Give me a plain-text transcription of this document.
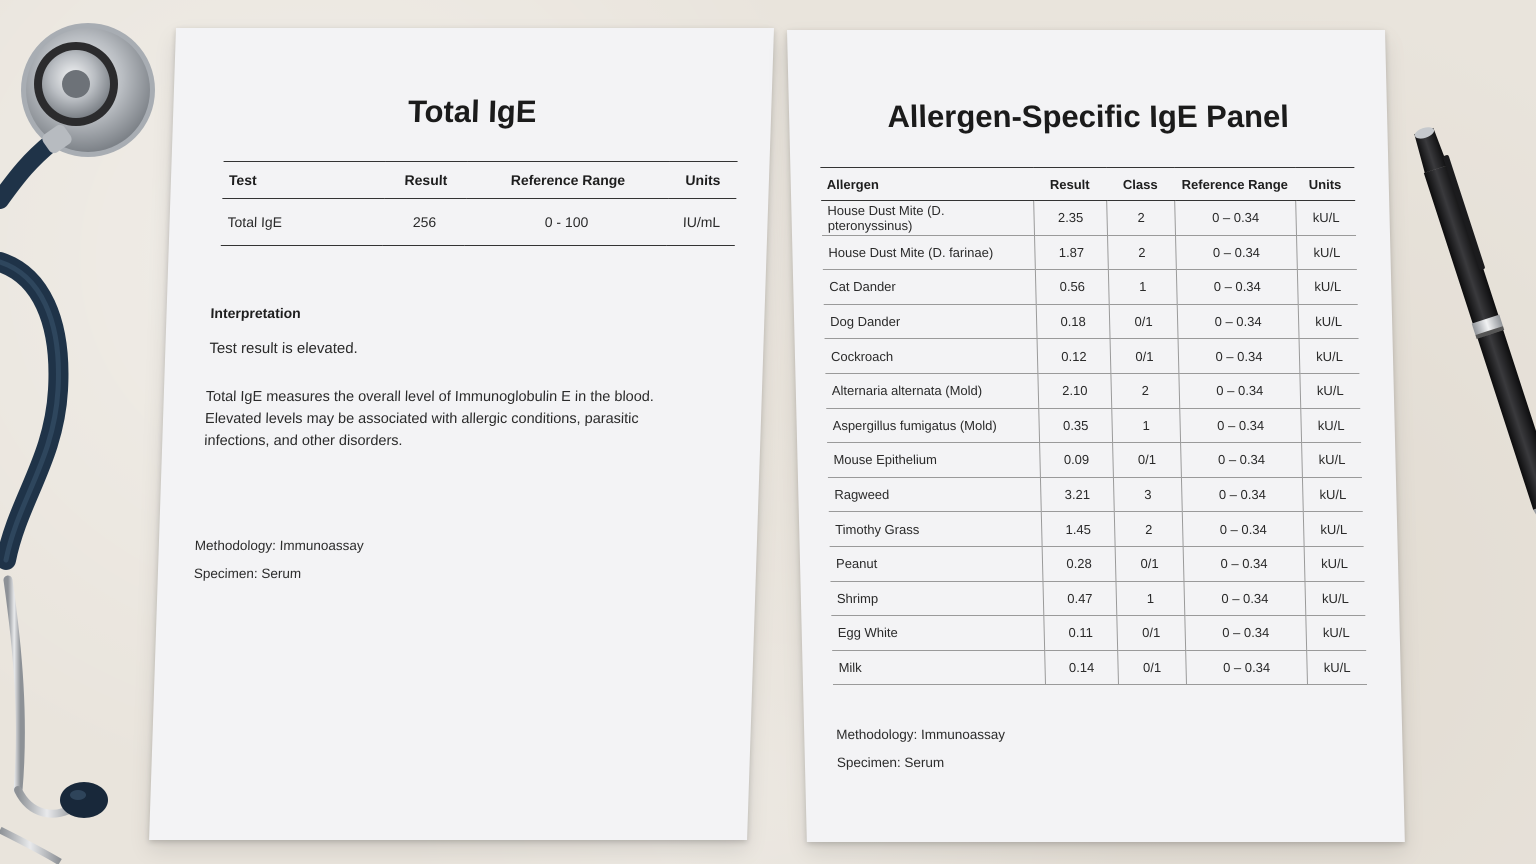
Total IgE
Test	Result	Reference Range	Units
Total IgE	256	0 - 100	IU/mL
Interpretation
Test result is elevated.
Total IgE measures the overall level of Immunoglobulin E in the blood. Elevated levels may be associated with allergic conditions, parasitic infections, and other disorders.
Methodology: Immunoassay
Specimen: Serum
Allergen-Specific IgE Panel
Allergen	Result	Class	Reference Range	Units
House Dust Mite (D. pteronyssinus)	2.35	2	0 – 0.34	kU/L
House Dust Mite (D. farinae)	1.87	2	0 – 0.34	kU/L
Cat Dander	0.56	1	0 – 0.34	kU/L
Dog Dander	0.18	0/1	0 – 0.34	kU/L
Cockroach	0.12	0/1	0 – 0.34	kU/L
Alternaria alternata (Mold)	2.10	2	0 – 0.34	kU/L
Aspergillus fumigatus (Mold)	0.35	1	0 – 0.34	kU/L
Mouse Epithelium	0.09	0/1	0 – 0.34	kU/L
Ragweed	3.21	3	0 – 0.34	kU/L
Timothy Grass	1.45	2	0 – 0.34	kU/L
Peanut	0.28	0/1	0 – 0.34	kU/L
Shrimp	0.47	1	0 – 0.34	kU/L
Egg White	0.11	0/1	0 – 0.34	kU/L
Milk	0.14	0/1	0 – 0.34	kU/L
Methodology: Immunoassay
Specimen: Serum
